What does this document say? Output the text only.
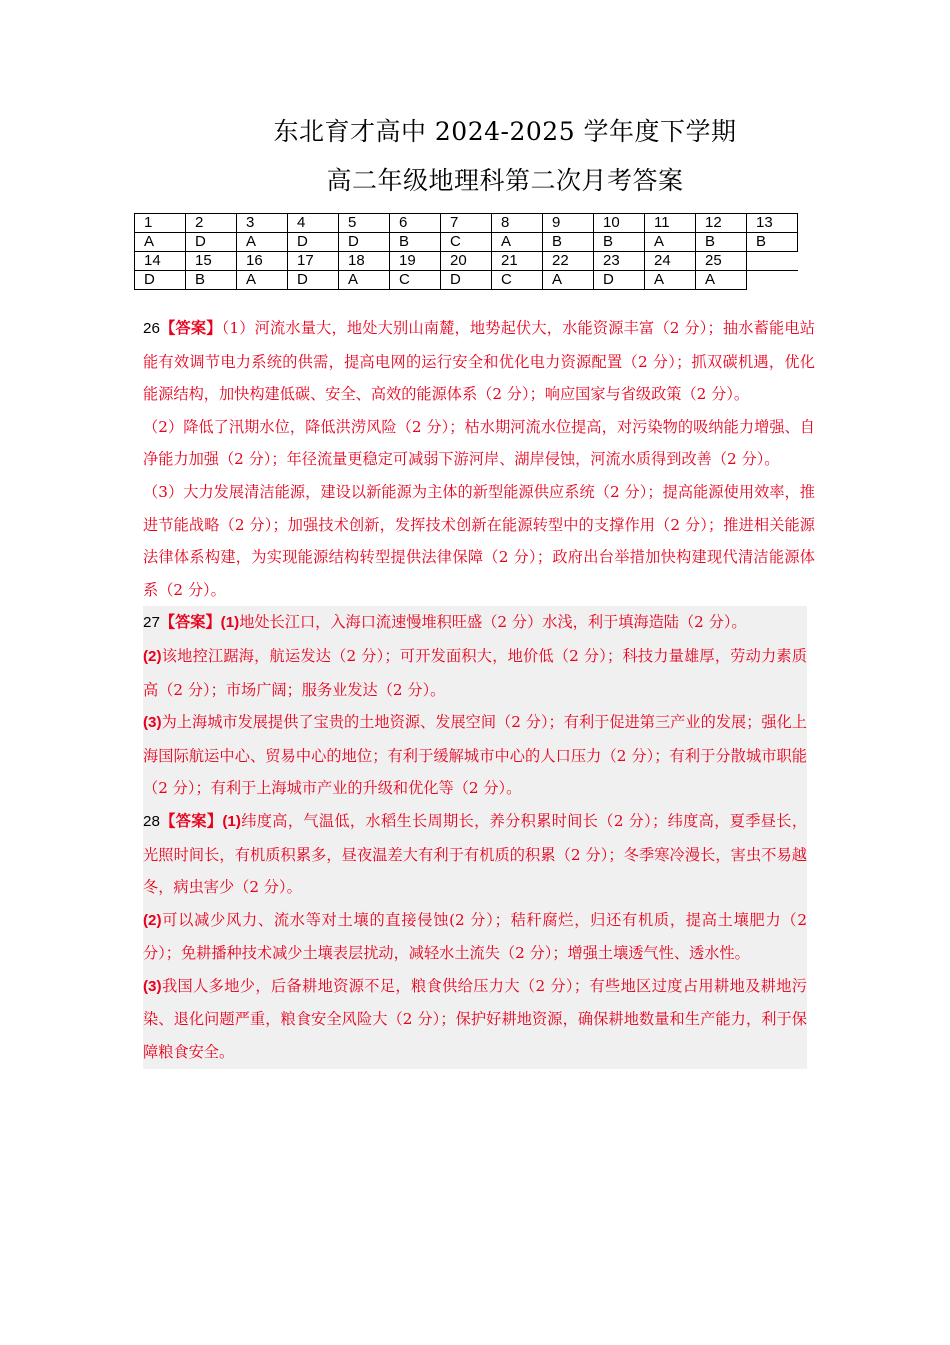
东北育才高中 2024-2025 学年度下学期
高二年级地理科第二次月考答案
1	2	3	4	5	6	7	8	9	10	11	12	13
A	D	A	D	D	B	C	A	B	B	A	B	B
14	15	16	17	18	19	20	21	22	23	24	25	
D	B	A	D	A	C	D	C	A	D	A	A	

26【答案】（1）河流水量大，地处大别山南麓，地势起伏大，水能资源丰富（2 分）；抽水蓄能电站能有效调节电力系统的供需，提高电网的运行安全和优化电力资源配置（2 分）；抓双碳机遇，优化能源结构，加快构建低碳、安全、高效的能源体系（2 分）；响应国家与省级政策（2 分）。

（2）降低了汛期水位，降低洪涝风险（2 分）；枯水期河流水位提高，对污染物的吸纳能力增强、自净能力加强（2 分）；年径流量更稳定可减弱下游河岸、湖岸侵蚀，河流水质得到改善（2 分）。

（3）大力发展清洁能源，建设以新能源为主体的新型能源供应系统（2 分）；提高能源使用效率，推进节能战略（2 分）；加强技术创新，发挥技术创新在能源转型中的支撑作用（2 分）；推进相关能源法律体系构建，为实现能源结构转型提供法律保障（2 分）；政府出台举措加快构建现代清洁能源体系（2 分）。

27【答案】(1)地处长江口，入海口流速慢堆积旺盛（2 分）水浅，利于填海造陆（2 分）。

(2)该地控江踞海，航运发达（2 分）；可开发面积大，地价低（2 分）；科技力量雄厚，劳动力素质高（2 分）；市场广阔；服务业发达（2 分）。

(3)为上海城市发展提供了宝贵的土地资源、发展空间（2 分）；有利于促进第三产业的发展；强化上海国际航运中心、贸易中心的地位；有利于缓解城市中心的人口压力（2 分）；有利于分散城市职能（2 分）；有利于上海城市产业的升级和优化等（2 分）。

28【答案】(1)纬度高，气温低，水稻生长周期长，养分积累时间长（2 分）；纬度高，夏季昼长，光照时间长，有机质积累多，昼夜温差大有利于有机质的积累（2 分）；冬季寒冷漫长，害虫不易越冬，病虫害少（2 分）。

(2)可以减少风力、流水等对土壤的直接侵蚀(2 分）；秸秆腐烂，归还有机质，提高土壤肥力（2 分）；免耕播种技术减少土壤表层扰动，减轻水土流失（2 分）；增强土壤透气性、透水性。

(3)我国人多地少，后备耕地资源不足，粮食供给压力大（2 分）；有些地区过度占用耕地及耕地污染、退化问题严重，粮食安全风险大（2 分）；保护好耕地资源，确保耕地数量和生产能力，利于保障粮食安全。
